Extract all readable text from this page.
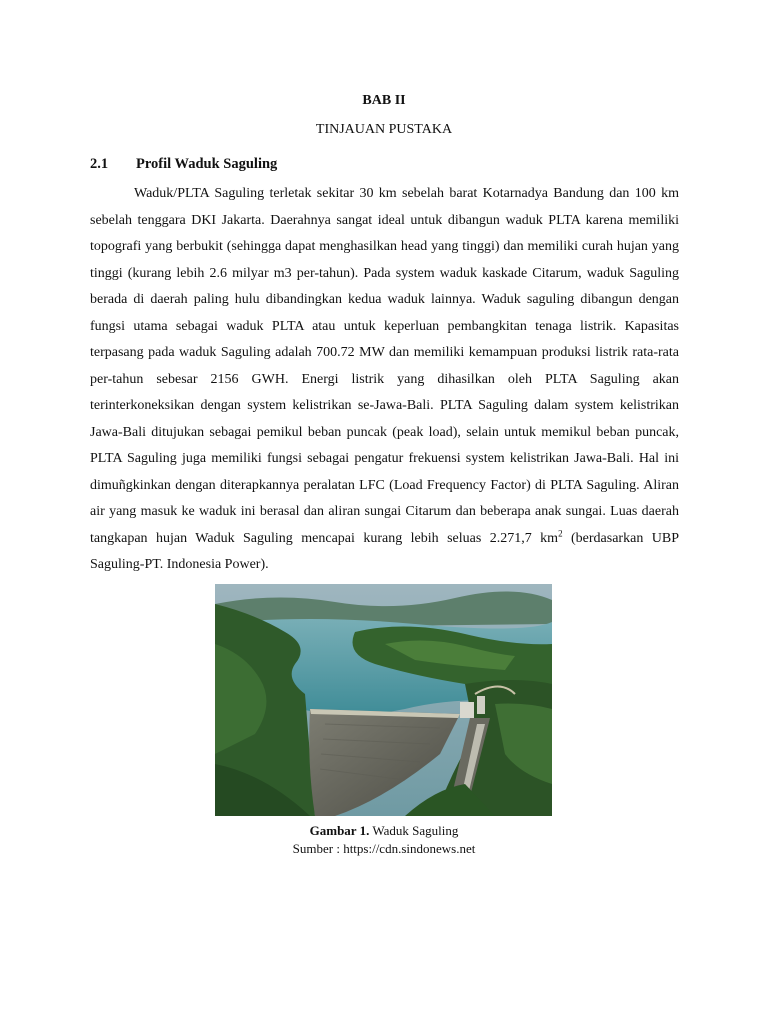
BAB II
TINJAUAN PUSTAKA
2.1 Profil Waduk Saguling

Waduk/PLTA Saguling terletak sekitar 30 km sebelah barat Kotarnadya Bandung dan 100 km sebelah tenggara DKI Jakarta. Daerahnya sangat ideal untuk dibangun waduk PLTA karena memiliki topografi yang berbukit (sehingga dapat menghasilkan head yang tinggi) dan memiliki curah hujan yang tinggi (kurang lebih 2.6 milyar m3 per-tahun). Pada system waduk kaskade Citarum, waduk Saguling berada di daerah paling hulu dibandingkan kedua waduk lainnya. Waduk saguling dibangun dengan fungsi utama sebagai waduk PLTA atau untuk keperluan pembangkitan tenaga listrik. Kapasitas terpasang pada waduk Saguling adalah 700.72 MW dan memiliki kemampuan produksi listrik rata-rata per-tahun sebesar 2156 GWH. Energi listrik yang dihasilkan oleh PLTA Saguling akan terinterkoneksikan dengan system kelistrikan se-Jawa-Bali. PLTA Saguling dalam system kelistrikan Jawa-Bali ditujukan sebagai pemikul beban puncak (peak load), selain untuk memikul beban puncak, PLTA Saguling juga memiliki fungsi sebagai pengatur frekuensi system kelistrikan Jawa-Bali. Hal ini dimuñgkinkan dengan diterapkannya peralatan LFC (Load Frequency Factor) di PLTA Saguling. Aliran air yang masuk ke waduk ini berasal dan aliran sungai Citarum dan beberapa anak sungai. Luas daerah tangkapan hujan Waduk Saguling mencapai kurang lebih seluas 2.271,7 $km^2$ (berdasarkan UBP Saguling-PT. Indonesia Power).

Gambar 1. Waduk Saguling
Sumber : https://cdn.sindonews.net
